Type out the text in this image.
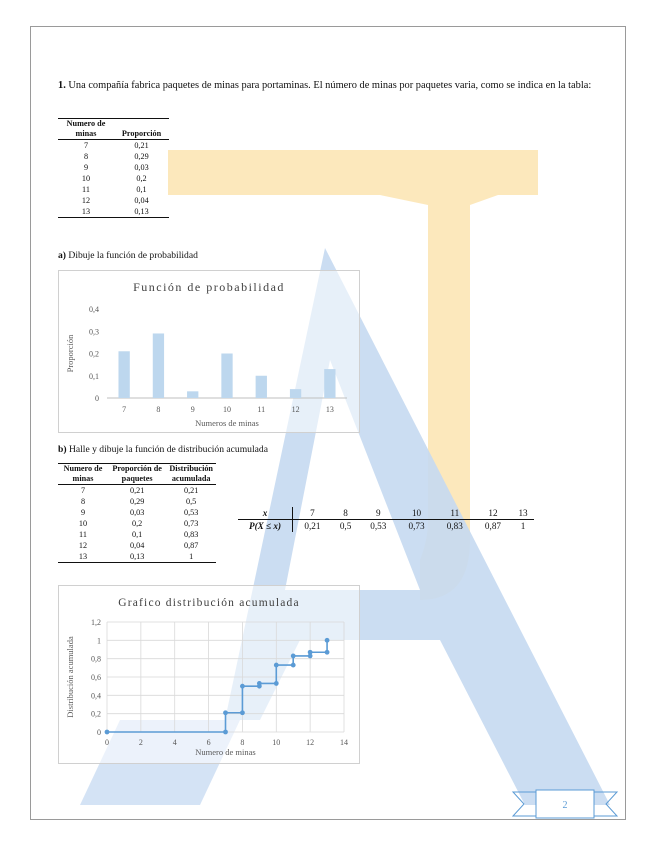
1. Una compañía fabrica paquetes de minas para portaminas. El número de minas por paquetes varia, como se indica en la tabla:
Numero de minas	Proporción
7	0,21
8	0,29
9	0,03
10	0,2
11	0,1
12	0,04
13	0,13
a) Dibuje la función de probabilidad
Función de probabilidad
0
0,1
0,2
0,3
0,4
7	8	9	10	11	12	13
Numeros de minas
Proporción
b) Halle y dibuje la función de distribución acumulada
Numero de minas	Proporción de paquetes	Distribución acumulada
7	0,21	0,21
8	0,29	0,5
9	0,03	0,53
10	0,2	0,73
11	0,1	0,83
12	0,04	0,87
13	0,13	1
x	7	8	9	10	11	12	13
P(X ≤ x)	0,21	0,5	0,53	0,73	0,83	0,87	1
Grafico distribución acumulada
0
0,2
0,4
0,6
0,8
1
1,2
0	2	4	6	8	10	12	14
Numero de minas
Distribución acumulada
2
